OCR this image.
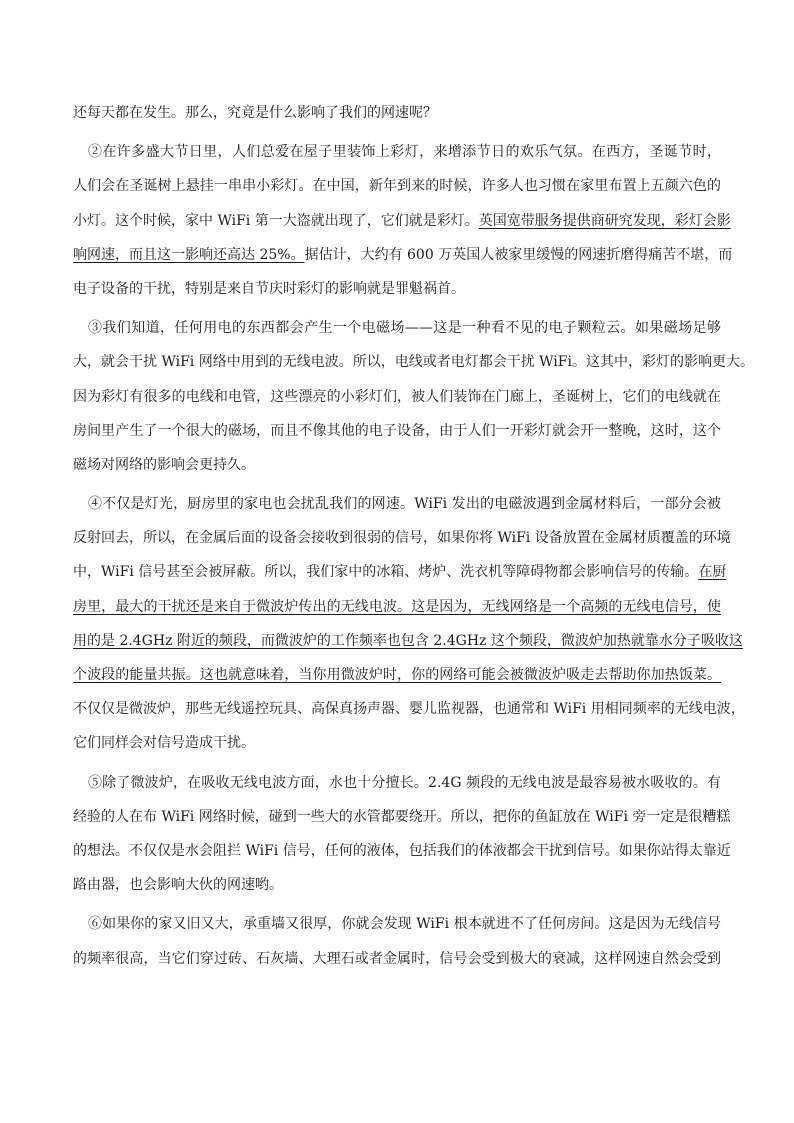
还每天都在发生。那么，究竟是什么影响了我们的网速呢？
②在许多盛大节日里，人们总爱在屋子里装饰上彩灯，来增添节日的欢乐气氛。在西方，圣诞节时，
人们会在圣诞树上悬挂一串串小彩灯。在中国，新年到来的时候，许多人也习惯在家里布置上五颜六色的
小灯。这个时候，家中 WiFi 第一大盗就出现了，它们就是彩灯。英国宽带服务提供商研究发现，彩灯会影
响网速，而且这一影响还高达 25%。据估计，大约有 600 万英国人被家里缓慢的网速折磨得痛苦不堪，而
电子设备的干扰，特别是来自节庆时彩灯的影响就是罪魁祸首。
③我们知道，任何用电的东西都会产生一个电磁场——这是一种看不见的电子颗粒云。如果磁场足够
大，就会干扰 WiFi 网络中用到的无线电波。所以，电线或者电灯都会干扰 WiFi。这其中，彩灯的影响更大。
因为彩灯有很多的电线和电管，这些漂亮的小彩灯们，被人们装饰在门廊上，圣诞树上，它们的电线就在
房间里产生了一个很大的磁场，而且不像其他的电子设备，由于人们一开彩灯就会开一整晚，这时，这个
磁场对网络的影响会更持久。
④不仅是灯光，厨房里的家电也会扰乱我们的网速。WiFi 发出的电磁波遇到金属材料后，一部分会被
反射回去，所以，在金属后面的设备会接收到很弱的信号，如果你将 WiFi 设备放置在金属材质覆盖的环境
中，WiFi 信号甚至会被屏蔽。所以，我们家中的冰箱、烤炉、洗衣机等障碍物都会影响信号的传输。在厨
房里，最大的干扰还是来自于微波炉传出的无线电波。这是因为，无线网络是一个高频的无线电信号，使
用的是 2.4GHz 附近的频段，而微波炉的工作频率也包含 2.4GHz 这个频段，微波炉加热就靠水分子吸收这
个波段的能量共振。这也就意味着，当你用微波炉时，你的网络可能会被微波炉吸走去帮助你加热饭菜。
不仅仅是微波炉，那些无线遥控玩具、高保真扬声器、婴儿监视器，也通常和 WiFi 用相同频率的无线电波，
它们同样会对信号造成干扰。
⑤除了微波炉，在吸收无线电波方面，水也十分擅长。2.4G 频段的无线电波是最容易被水吸收的。有
经验的人在布 WiFi 网络时候，碰到一些大的水管都要绕开。所以，把你的鱼缸放在 WiFi 旁一定是很糟糕
的想法。不仅仅是水会阻拦 WiFi 信号，任何的液体，包括我们的体液都会干扰到信号。如果你站得太靠近
路由器，也会影响大伙的网速哟。
⑥如果你的家又旧又大，承重墙又很厚，你就会发现 WiFi 根本就进不了任何房间。这是因为无线信号
的频率很高，当它们穿过砖、石灰墙、大理石或者金属时，信号会受到极大的衰减，这样网速自然会受到
